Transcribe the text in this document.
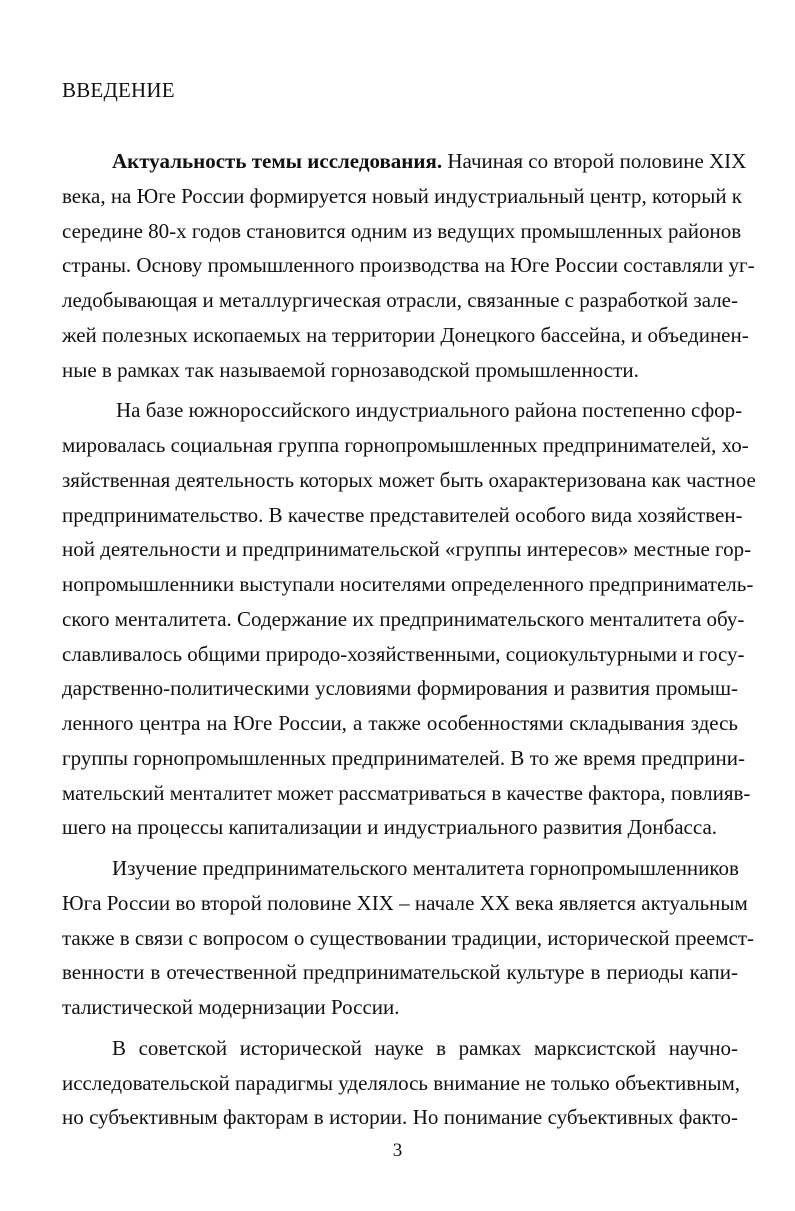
ВВЕДЕНИЕ
Актуальность темы исследования. Начиная со второй половине XIX
века, на Юге России формируется новый индустриальный центр, который к
середине 80-х годов становится одним из ведущих промышленных районов
страны. Основу промышленного производства на Юге России составляли уг-
ледобывающая и металлургическая отрасли, связанные с разработкой зале-
жей полезных ископаемых на территории Донецкого бассейна, и объединен-
ные в рамках так называемой горнозаводской промышленности.
На базе южнороссийского индустриального района постепенно сфор-
мировалась социальная группа горнопромышленных предпринимателей, хо-
зяйственная деятельность которых может быть охарактеризована как частное
предпринимательство. В качестве представителей особого вида хозяйствен-
ной деятельности и предпринимательской «группы интересов» местные гор-
нопромышленники выступали носителями определенного предприниматель-
ского менталитета. Содержание их предпринимательского менталитета обу-
славливалось общими природо-хозяйственными, социокультурными и госу-
дарственно-политическими условиями формирования и развития промыш-
ленного центра на Юге России, а также особенностями складывания здесь
группы горнопромышленных предпринимателей. В то же время предприни-
мательский менталитет может рассматриваться в качестве фактора, повлияв-
шего на процессы капитализации и индустриального развития Донбасса.
Изучение предпринимательского менталитета горнопромышленников
Юга России во второй половине XIX – начале XX века является актуальным
также в связи с вопросом о существовании традиции, исторической преемст-
венности в отечественной предпринимательской культуре в периоды капи-
талистической модернизации России.
В советской исторической науке в рамках марксистской научно-
исследовательской парадигмы уделялось внимание не только объективным,
но субъективным факторам в истории. Но понимание субъективных факто-
3
